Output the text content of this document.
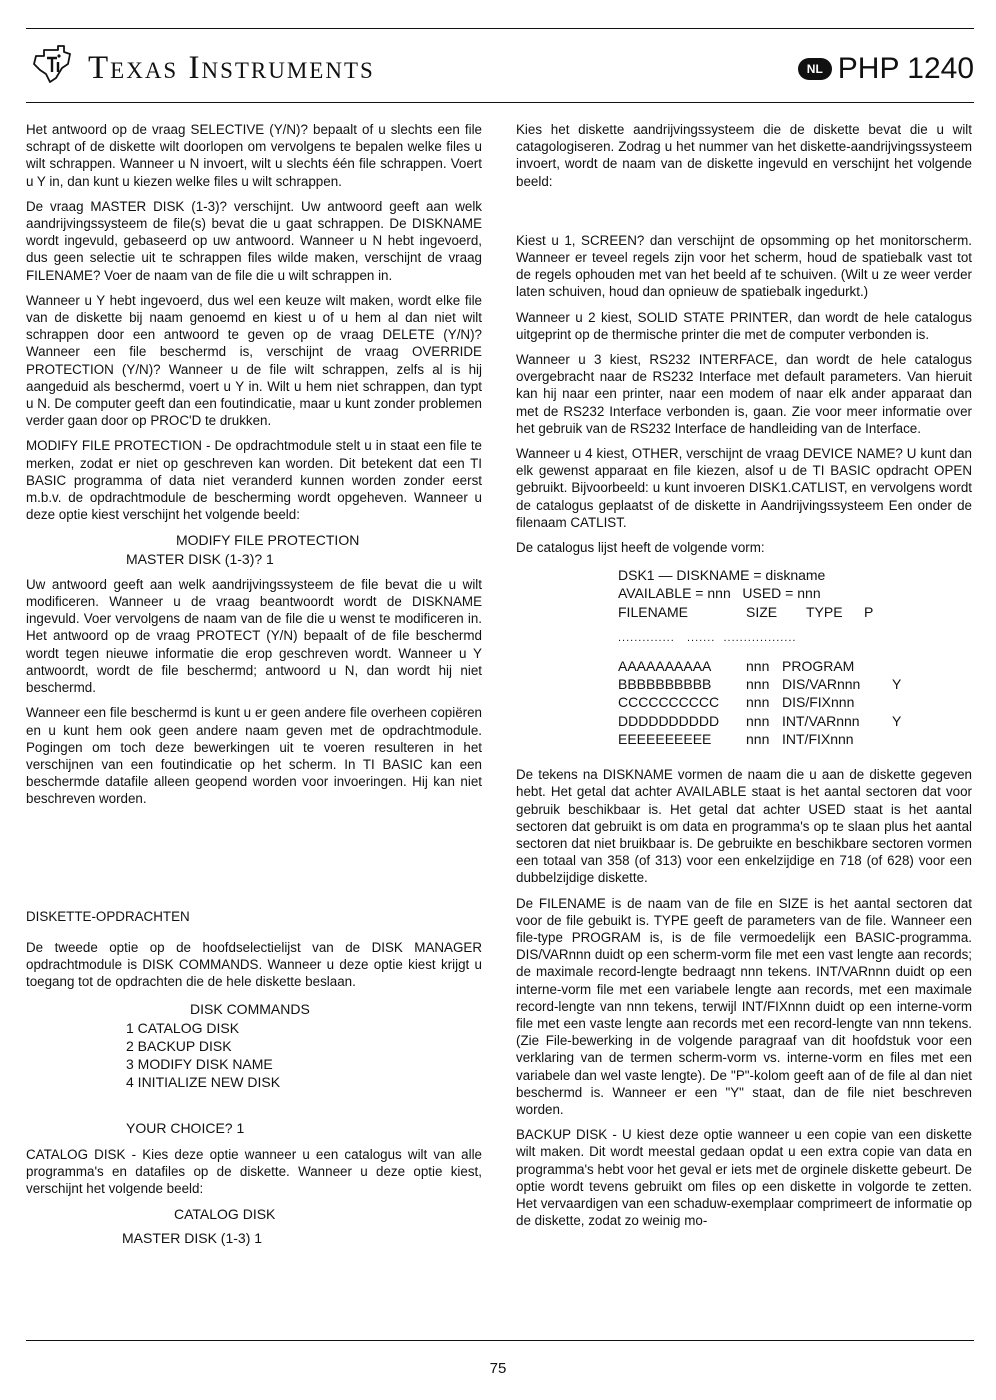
Texas Instruments	NL PHP 1240

Het antwoord op de vraag SELECTIVE (Y/N)? bepaalt of u slechts een file schrapt of de diskette wilt doorlopen om vervolgens te bepalen welke files u wilt schrappen. Wanneer u N invoert, wilt u slechts één file schrappen. Voert u Y in, dan kunt u kiezen welke files u wilt schrappen.

De vraag MASTER DISK (1-3)? verschijnt. Uw antwoord geeft aan welk aandrijvingssysteem de file(s) bevat die u gaat schrappen. De DISKNAME wordt ingevuld, gebaseerd op uw antwoord. Wanneer u N hebt ingevoerd, dus geen selectie uit te schrappen files wilde maken, verschijnt de vraag FILENAME? Voer de naam van de file die u wilt schrappen in.

Wanneer u Y hebt ingevoerd, dus wel een keuze wilt maken, wordt elke file van de diskette bij naam genoemd en kiest u of u hem al dan niet wilt schrappen door een antwoord te geven op de vraag DELETE (Y/N)? Wanneer een file beschermd is, verschijnt de vraag OVERRIDE PROTECTION (Y/N)? Wanneer u de file wilt schrappen, zelfs al is hij aangeduid als beschermd, voert u Y in. Wilt u hem niet schrappen, dan typt u N. De computer geeft dan een foutindicatie, maar u kunt zonder problemen verder gaan door op PROC'D te drukken.

MODIFY FILE PROTECTION - De opdrachtmodule stelt u in staat een file te merken, zodat er niet op geschreven kan worden. Dit betekent dat een TI BASIC programma of data niet veranderd kunnen worden zonder eerst m.b.v. de opdrachtmodule de bescherming wordt opgeheven. Wanneer u deze optie kiest verschijnt het volgende beeld:

MODIFY FILE PROTECTION
MASTER DISK (1-3)? 1

Uw antwoord geeft aan welk aandrijvingssysteem de file bevat die u wilt modificeren. Wanneer u de vraag beantwoordt wordt de DISKNAME ingevuld. Voer vervolgens de naam van de file die u wenst te modificeren in. Het antwoord op de vraag PROTECT (Y/N) bepaalt of de file beschermd wordt tegen nieuwe informatie die erop geschreven wordt. Wanneer u Y antwoordt, wordt de file beschermd; antwoord u N, dan wordt hij niet beschermd.

Wanneer een file beschermd is kunt u er geen andere file overheen copiëren en u kunt hem ook geen andere naam geven met de opdrachtmodule. Pogingen om toch deze bewerkingen uit te voeren resulteren in het verschijnen van een foutindicatie op het scherm. In TI BASIC kan een beschermde datafile alleen geopend worden voor invoeringen. Hij kan niet beschreven worden.

DISKETTE-OPDRACHTEN

De tweede optie op de hoofdselectielijst van de DISK MANAGER opdrachtmodule is DISK COMMANDS. Wanneer u deze optie kiest krijgt u toegang tot de opdrachten die de hele diskette beslaan.

DISK COMMANDS
1 CATALOG DISK
2 BACKUP DISK
3 MODIFY DISK NAME
4 INITIALIZE NEW DISK
YOUR CHOICE? 1

CATALOG DISK - Kies deze optie wanneer u een catalogus wilt van alle programma's en datafiles op de diskette. Wanneer u deze optie kiest, verschijnt het volgende beeld:

CATALOG DISK
MASTER DISK (1-3) 1

Kies het diskette aandrijvingssysteem die de diskette bevat die u wilt catagologiseren. Zodrag u het nummer van het diskette-aandrijvingssysteem invoert, wordt de naam van de diskette ingevuld en verschijnt het volgende beeld:

Kiest u 1, SCREEN? dan verschijnt de opsomming op het monitorscherm. Wanneer er teveel regels zijn voor het scherm, houd de spatiebalk vast tot de regels ophouden met van het beeld af te schuiven. (Wilt u ze weer verder laten schuiven, houd dan opnieuw de spatiebalk ingedurkt.)

Wanneer u 2 kiest, SOLID STATE PRINTER, dan wordt de hele catalogus uitgeprint op de thermische printer die met de computer verbonden is.

Wanneer u 3 kiest, RS232 INTERFACE, dan wordt de hele catalogus overgebracht naar de RS232 Interface met default parameters. Van hieruit kan hij naar een printer, naar een modem of naar elk ander apparaat dan met de RS232 Interface verbonden is, gaan. Zie voor meer informatie over het gebruik van de RS232 Interface de handleiding van de Interface.

Wanneer u 4 kiest, OTHER, verschijnt de vraag DEVICE NAME? U kunt dan elk gewenst apparaat en file kiezen, alsof u de TI BASIC opdracht OPEN gebruikt. Bijvoorbeeld: u kunt invoeren DISK1.CATLIST, en vervolgens wordt de catalogus geplaatst of de diskette in Aandrijvingssysteem Een onder de filenaam CATLIST.

De catalogus lijst heeft de volgende vorm:

DSK1 — DISKNAME = diskname
AVAILABLE = nnn   USED = nnn
FILENAME	SIZE	TYPE	P
..............   .......  ..................
AAAAAAAAAA	nnn PROGRAM
BBBBBBBBBB	nnn DIS/VARnnn	Y
CCCCCCCCCC	nnn DIS/FIXnnn
DDDDDDDDDD	nnn INT/VARnnn	Y
EEEEEEEEEE	nnn INT/FIXnnn

De tekens na DISKNAME vormen de naam die u aan de diskette gegeven hebt. Het getal dat achter AVAILABLE staat is het aantal sectoren dat voor gebruik beschikbaar is. Het getal dat achter USED staat is het aantal sectoren dat gebruikt is om data en programma's op te slaan plus het aantal sectoren dat niet bruikbaar is. De gebruikte en beschikbare sectoren vormen een totaal van 358 (of 313) voor een enkelzijdige en 718 (of 628) voor een dubbelzijdige diskette.

De FILENAME is de naam van de file en SIZE is het aantal sectoren dat voor de file gebuikt is. TYPE geeft de parameters van de file. Wanneer een file-type PROGRAM is, is de file vermoedelijk een BASIC-programma. DIS/VARnnn duidt op een scherm-vorm file met een vast lengte aan records; de maximale record-lengte bedraagt nnn tekens. INT/VARnnn duidt op een interne-vorm file met een variabele lengte aan records, met een maximale record-lengte van nnn tekens, terwijl INT/FIXnnn duidt op een interne-vorm file met een vaste lengte aan records met een record-lengte van nnn tekens. (Zie File-bewerking in de volgende paragraaf van dit hoofdstuk voor een verklaring van de termen scherm-vorm vs. interne-vorm en files met een variabele dan wel vaste lengte). De "P"-kolom geeft aan of de file al dan niet beschermd is. Wanneer er een "Y" staat, dan de file niet beschreven worden.

BACKUP DISK - U kiest deze optie wanneer u een copie van een diskette wilt maken. Dit wordt meestal gedaan opdat u een extra copie van data en programma's hebt voor het geval er iets met de orginele diskette gebeurt. De optie wordt tevens gebruikt om files op een diskette in volgorde te zetten. Het vervaardigen van een schaduw-exemplaar comprimeert de informatie op de diskette, zodat zo weinig mo-

75
